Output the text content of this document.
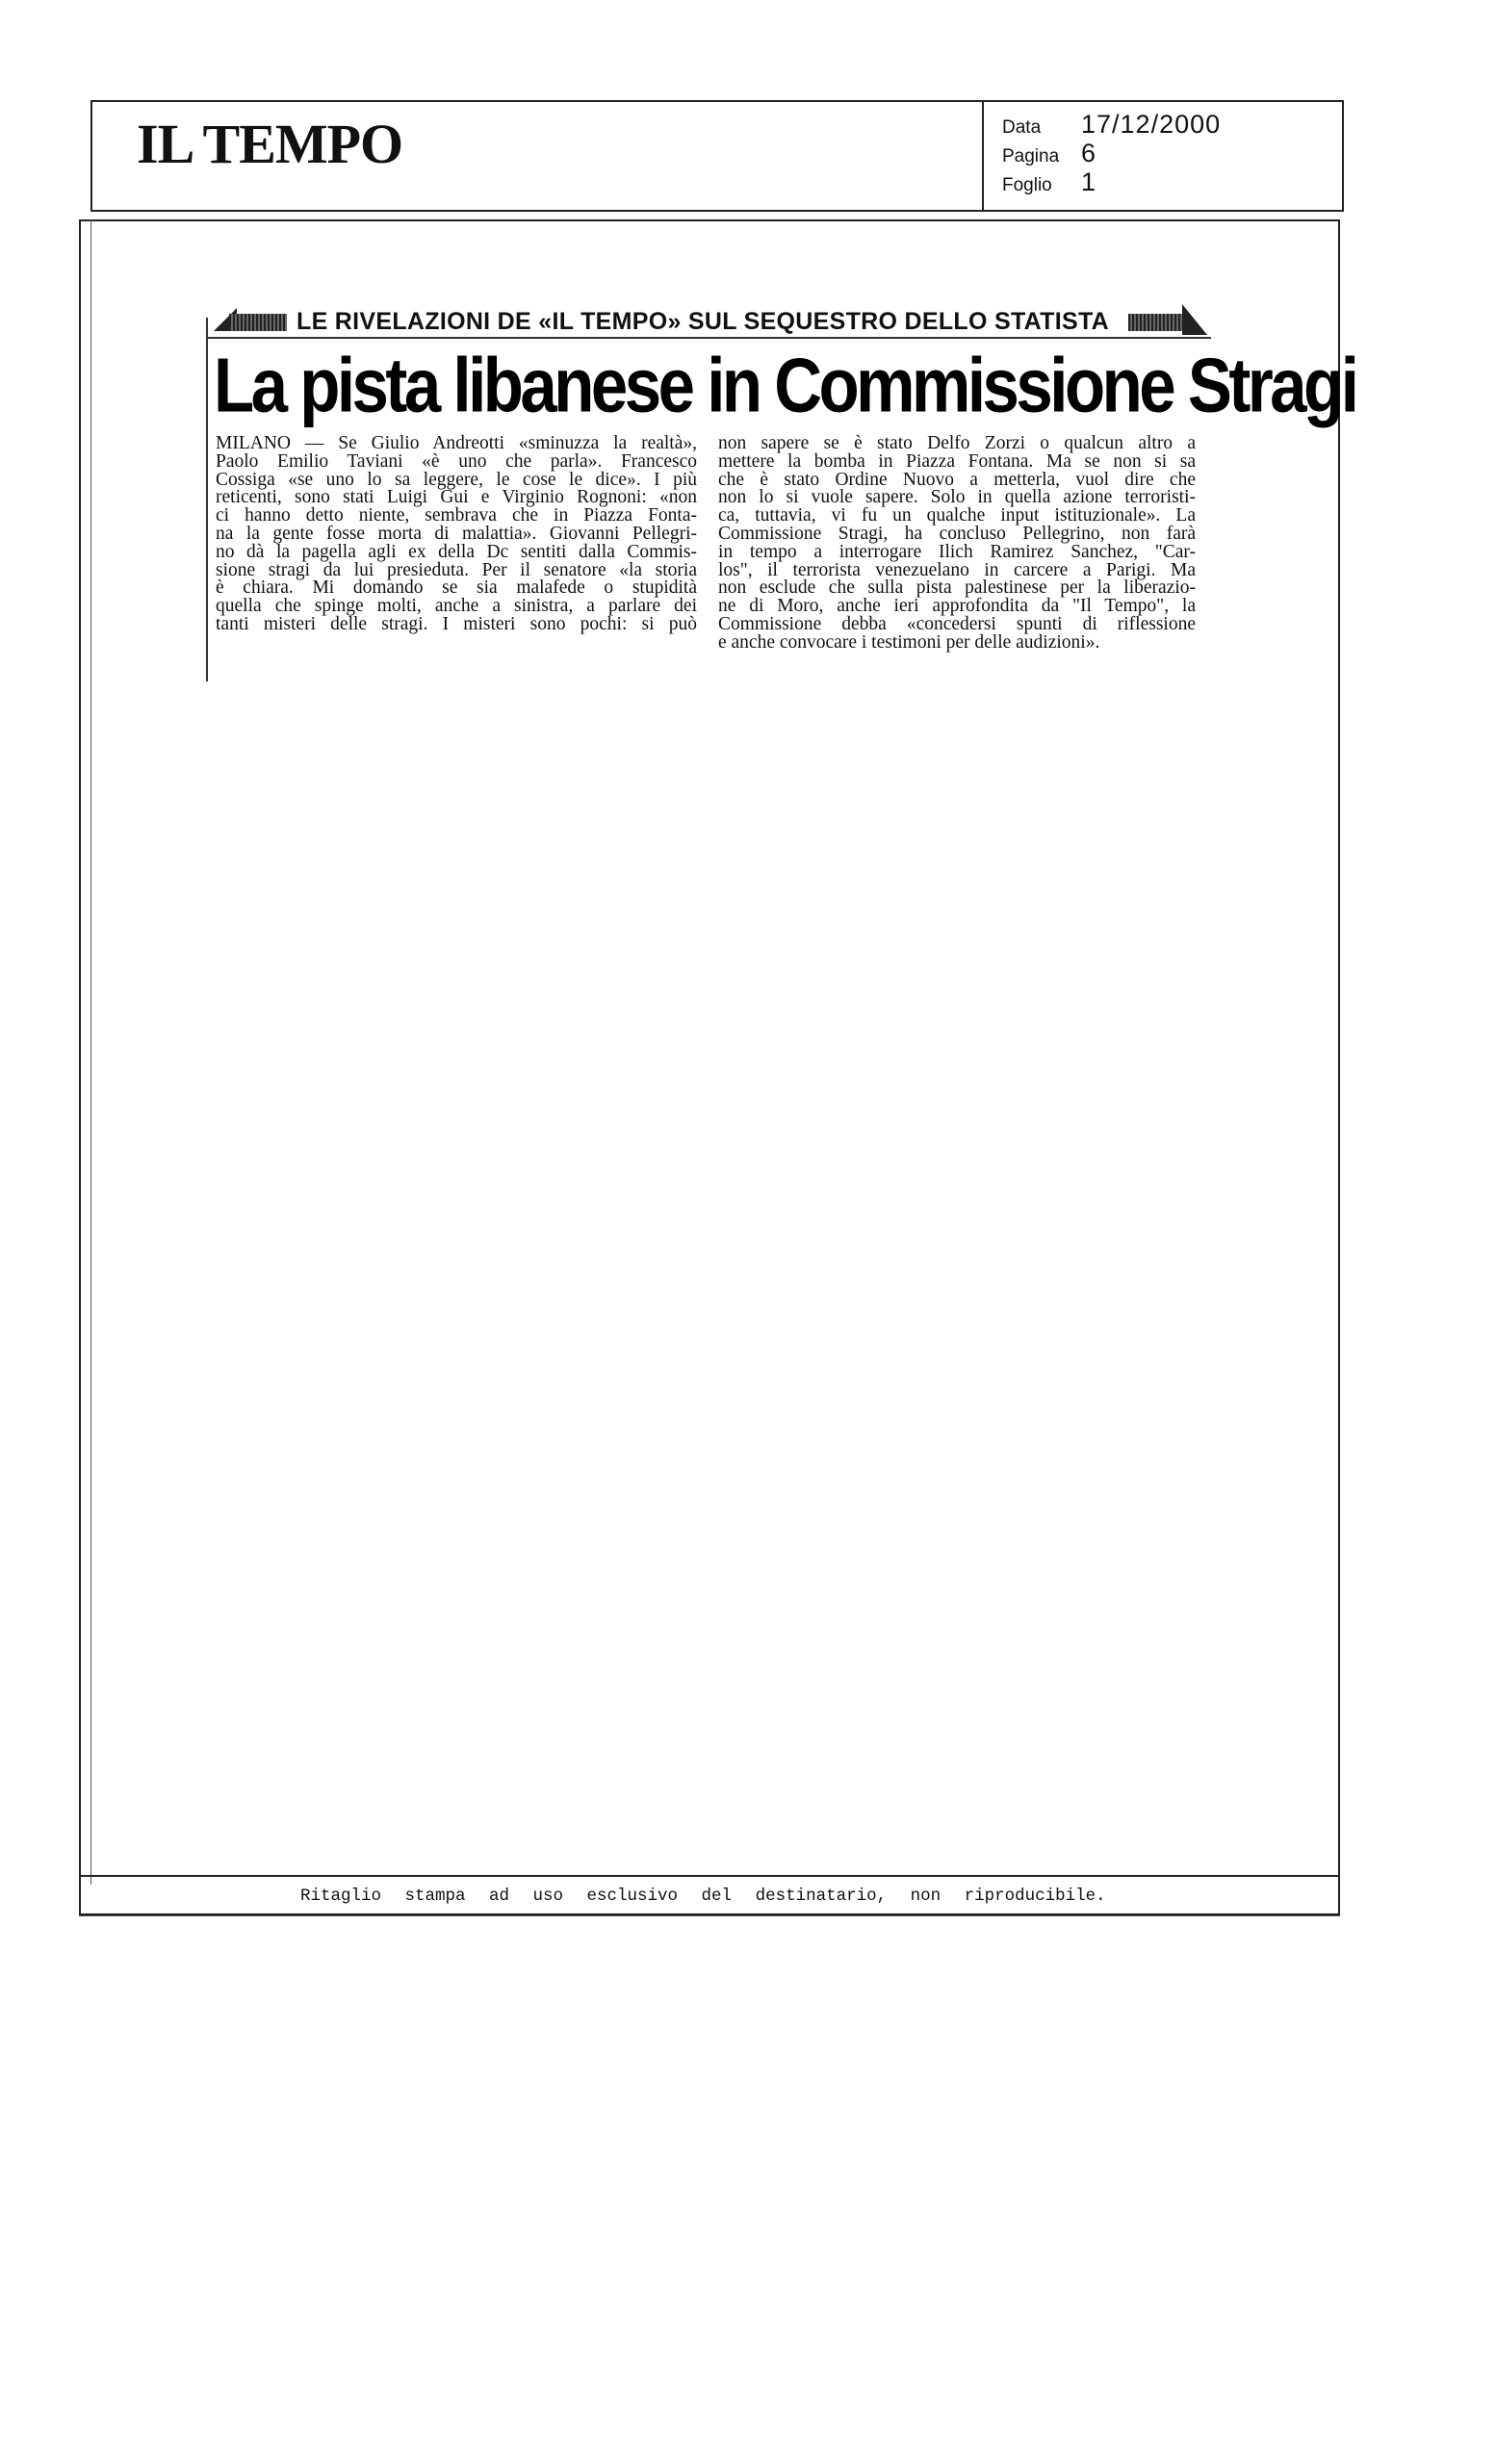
IL TEMPO	Data	17/12/2000
Pagina 6
Foglio	1
LE RIVELAZIONI DE «IL TEMPO» SUL SEQUESTRO DELLO STATISTA
La pista libanese in Commissione Stragi
MILANO — Se Giulio Andreotti «sminuzza la realtà»,
Paolo Emilio Taviani «è uno che parla». Francesco
Cossiga «se uno lo sa leggere, le cose le dice». I più
reticenti, sono stati Luigi Gui e Virginio Rognoni: «non
ci hanno detto niente, sembrava che in Piazza Fonta-
na la gente fosse morta di malattia». Giovanni Pellegri-
no dà la pagella agli ex della Dc sentiti dalla Commis-
sione stragi da lui presieduta. Per il senatore «la storia
è chiara. Mi domando se sia malafede o stupidità
quella che spinge molti, anche a sinistra, a parlare dei
tanti misteri delle stragi. I misteri sono pochi: si può
non sapere se è stato Delfo Zorzi o qualcun altro a
mettere la bomba in Piazza Fontana. Ma se non si sa
che è stato Ordine Nuovo a metterla, vuol dire che
non lo si vuole sapere. Solo in quella azione terroristi-
ca, tuttavia, vi fu un qualche input istituzionale». La
Commissione Stragi, ha concluso Pellegrino, non farà
in tempo a interrogare Ilich Ramirez Sanchez, "Car-
los", il terrorista venezuelano in carcere a Parigi. Ma
non esclude che sulla pista palestinese per la liberazio-
ne di Moro, anche ieri approfondita da "Il Tempo", la
Commissione debba «concedersi spunti di riflessione
e anche convocare i testimoni per delle audizioni».
Ritaglio stampa ad uso esclusivo del destinatario, non riproducibile.
